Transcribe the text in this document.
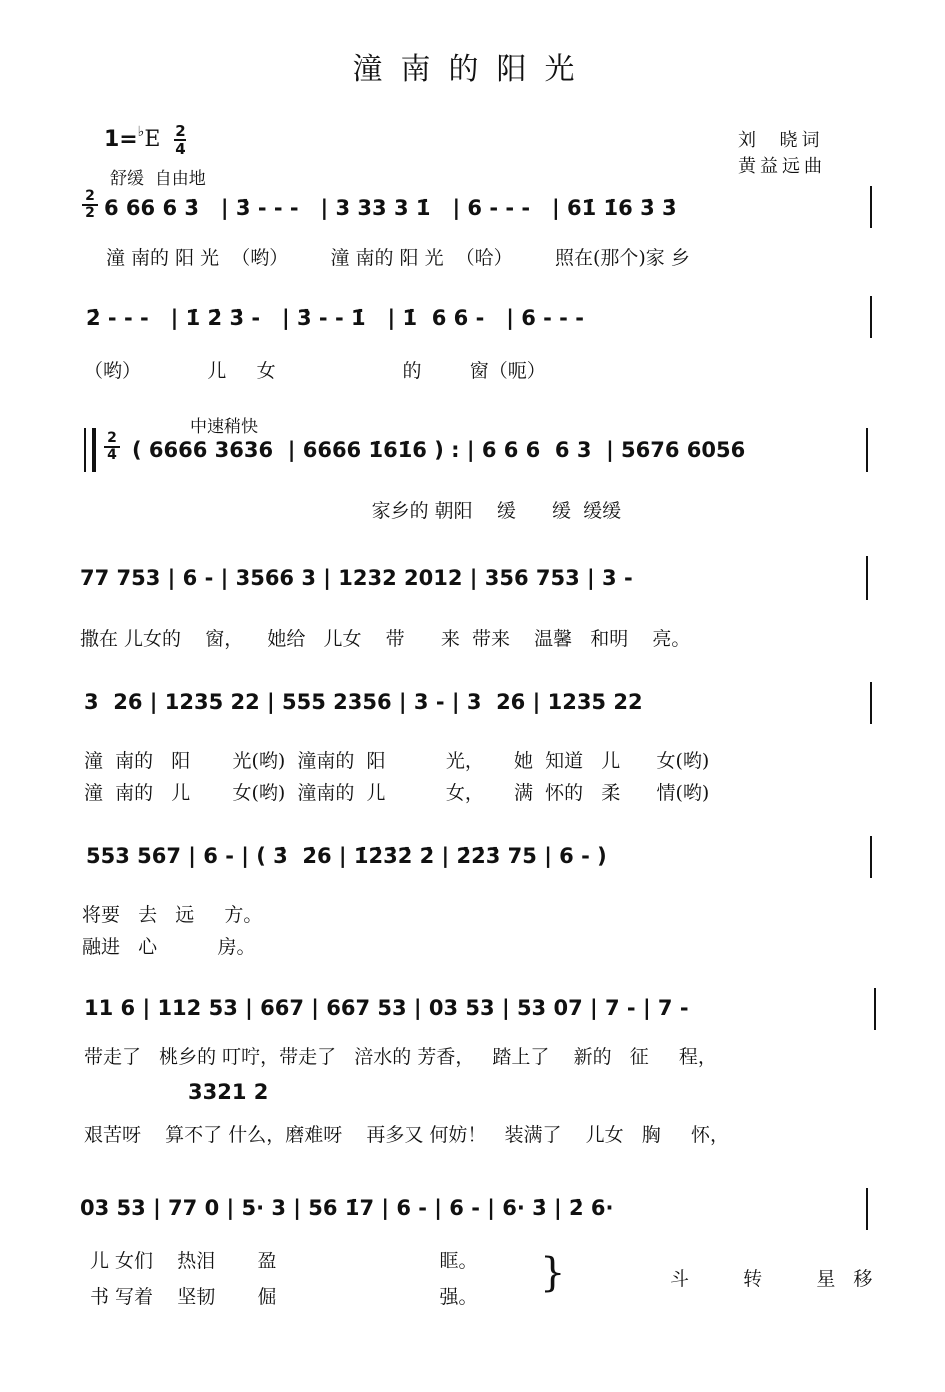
潼南的阳光
$1=^♭E \frac{2}{4}$
舒缓  自由地
刘  晓词
黄益远曲
2
2 6 66 6 3̇   | 3̇ - - -   | 3 33 3 1̇   | 6 - - -   | 61̇ 1̇6 3̇ 3̇
潼 南的 阳 光  （哟）       潼 南的 阳 光  （哈）       照在(那个)家 乡
2̇ - - -   | 1̇ 2̇ 3̇ -   | 3̇ - - 1̇   | 1̇  6 6 -   | 6 - - -
（哟）           儿     女                     的        窗（呃）
中速稍快
2
4 ( 6666 3636  | 6666 1̇61̇6 ) : | 6 6 6  6 3  | 5676 6056
家乡的 朝阳    缓      缓  缓缓
77 753 | 6 - | 3566 3 | 1232 2012 | 356 753 | 3 -
撒在 儿女的    窗，    她给   儿女    带      来  带来    温馨   和明    亮。
3  26 | 1235 22 | 555 2356 | 3 - | 3  26 | 1235 22
潼  南的   阳       光(哟)  潼南的  阳          光，     她  知道   儿      女(哟)
潼  南的   儿       女(哟)  潼南的  儿          女，     满  怀的   柔      情(哟)
553 567 | 6 - | ( 3̇  2̇6 | 1̇2̇3̇2̇ 2̇ | 2̇2̇3̇ 75 | 6 - )
将要   去   远     方。
融进   心          房。
11 6 | 112 53 | 667 | 667 53 | 03 53 | 53 07 | 7 - | 7 -
带走了   桃乡的 叮咛，带走了   涪水的 芳香，   踏上了    新的   征     程，
3321 2
艰苦呀    算不了 什么，磨难呀    再多又 何妨！   装满了    儿女   胸     怀，
03 53 | 77 0 | 5· 3 | 56 1̇7 | 6 - | 6 - | 6· 3̇ | 2̇ 6·
儿 女们    热泪       盈                           眶。
书 写着    坚韧       倔                           强。
}	斗    转    星 移
